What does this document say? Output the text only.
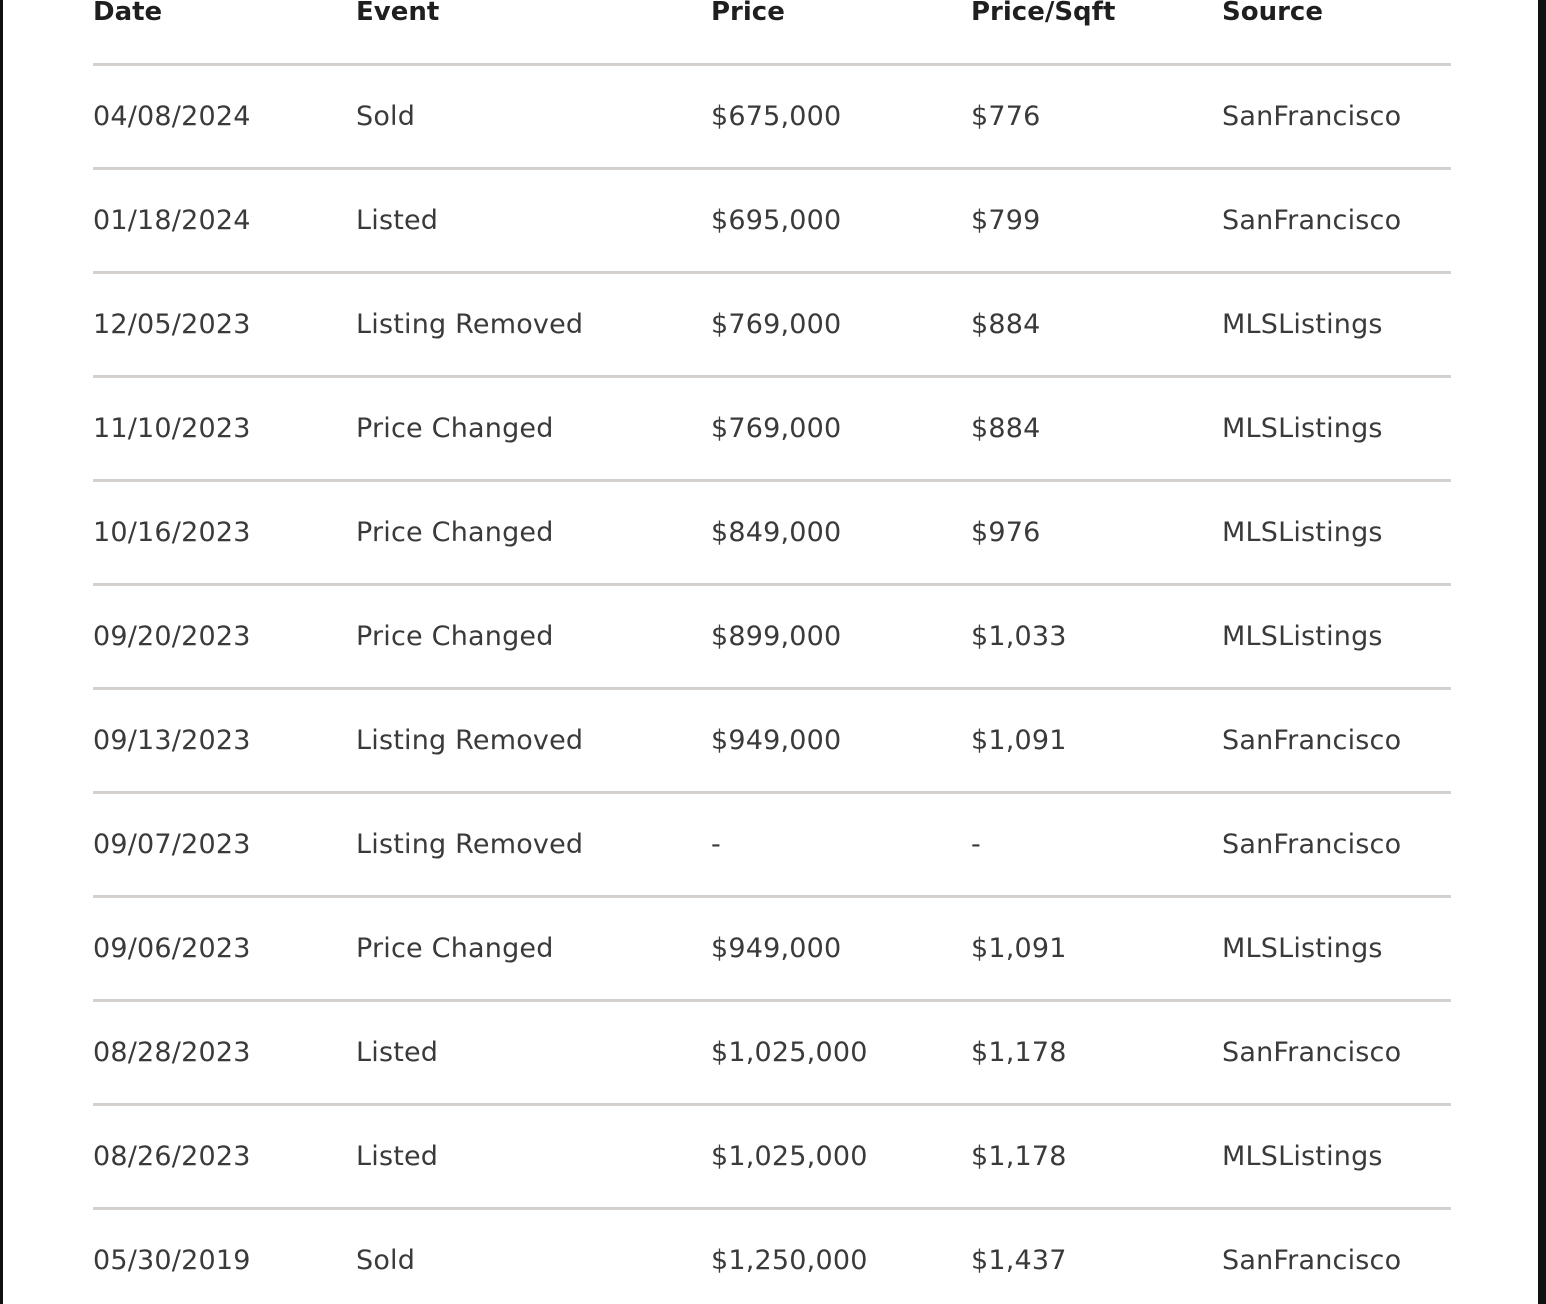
Date	Event	Price	Price/Sqft	Source
04/08/2024	Sold	$675,000	$776	SanFrancisco
01/18/2024	Listed	$695,000	$799	SanFrancisco
12/05/2023	Listing Removed	$769,000	$884	MLSListings
11/10/2023	Price Changed	$769,000	$884	MLSListings
10/16/2023	Price Changed	$849,000	$976	MLSListings
09/20/2023	Price Changed	$899,000	$1,033	MLSListings
09/13/2023	Listing Removed	$949,000	$1,091	SanFrancisco
09/07/2023	Listing Removed	-	-	SanFrancisco
09/06/2023	Price Changed	$949,000	$1,091	MLSListings
08/28/2023	Listed	$1,025,000	$1,178	SanFrancisco
08/26/2023	Listed	$1,025,000	$1,178	MLSListings
05/30/2019	Sold	$1,250,000	$1,437	SanFrancisco
